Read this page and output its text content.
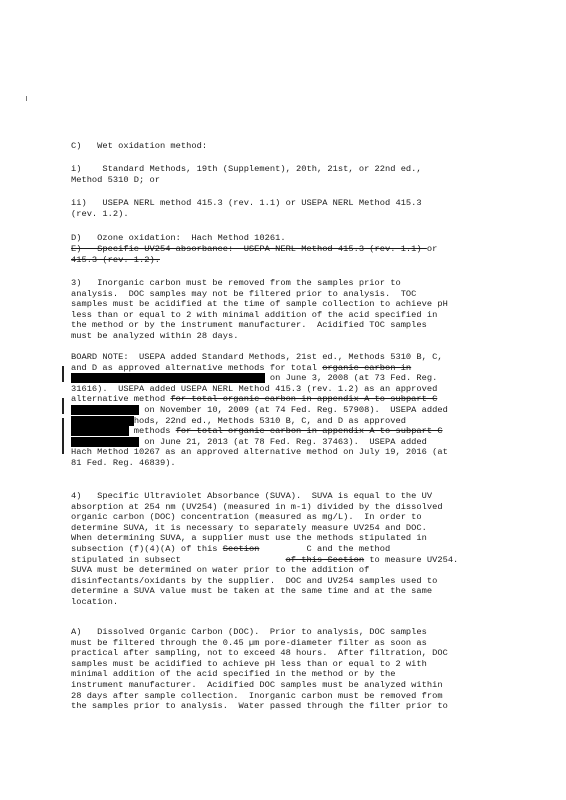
C)   Wet oxidation method:
i)    Standard Methods, 19th (Supplement), 20th, 21st, or 22nd ed.,
Method 5310 D; or
ii)   USEPA NERL method 415.3 (rev. 1.1) or USEPA NERL Method 415.3
(rev. 1.2).
D)   Ozone oxidation:  Hach Method 10261.
E)   Specific UV254 absorbance:  USEPA NERL Method 415.3 (rev. 1.1) or
415.3 (rev. 1.2).
3)   Inorganic carbon must be removed from the samples prior to
analysis.  DOC samples may not be filtered prior to analysis.  TOC
samples must be acidified at the time of sample collection to achieve pH
less than or equal to 2 with minimal addition of the acid specified in
the method or by the instrument manufacturer.  Acidified TOC samples
must be analyzed within 28 days.
BOARD NOTE:  USEPA added Standard Methods, 21st ed., Methods 5310 B, C,
and D as approved alternative methods for total organic carbon in
appendix A to subpart C of 40 CFR 141 on June 3, 2008 (at 73 Fed. Reg.
31616).  USEPA added USEPA NERL Method 415.3 (rev. 1.2) as an approved
alternative method for total organic carbon in appendix A to subpart C
of 40 CFR 141 on November 10, 2009 (at 74 Fed. Reg. 57908).  USEPA added
Standard Methods, 22nd ed., Methods 5310 B, C, and D as approved
alternative methods for total organic carbon in appendix A to subpart C
of 40 CFR 141 on June 21, 2013 (at 78 Fed. Reg. 37463).  USEPA added
Hach Method 10267 as an approved alternative method on July 19, 2016 (at
81 Fed. Reg. 46839).
4)   Specific Ultraviolet Absorbance (SUVA).  SUVA is equal to the UV
absorption at 254 nm (UV254) (measured in m-1) divided by the dissolved
organic carbon (DOC) concentration (measured as mg/L).  In order to
determine SUVA, it is necessary to separately measure UV254 and DOC.
When determining SUVA, a supplier must use the methods stipulated in
subsection (f)(4)(A) of this Section	C and the method
stipulated in subsect	of this Section to measure UV254.
SUVA must be determined on water prior to the addition of
disinfectants/oxidants by the supplier.  DOC and UV254 samples used to
determine a SUVA value must be taken at the same time and at the same
location.
A)   Dissolved Organic Carbon (DOC).  Prior to analysis, DOC samples
must be filtered through the 0.45 µm pore-diameter filter as soon as
practical after sampling, not to exceed 48 hours.  After filtration, DOC
samples must be acidified to achieve pH less than or equal to 2 with
minimal addition of the acid specified in the method or by the
instrument manufacturer.  Acidified DOC samples must be analyzed within
28 days after sample collection.  Inorganic carbon must be removed from
the samples prior to analysis.  Water passed through the filter prior to
